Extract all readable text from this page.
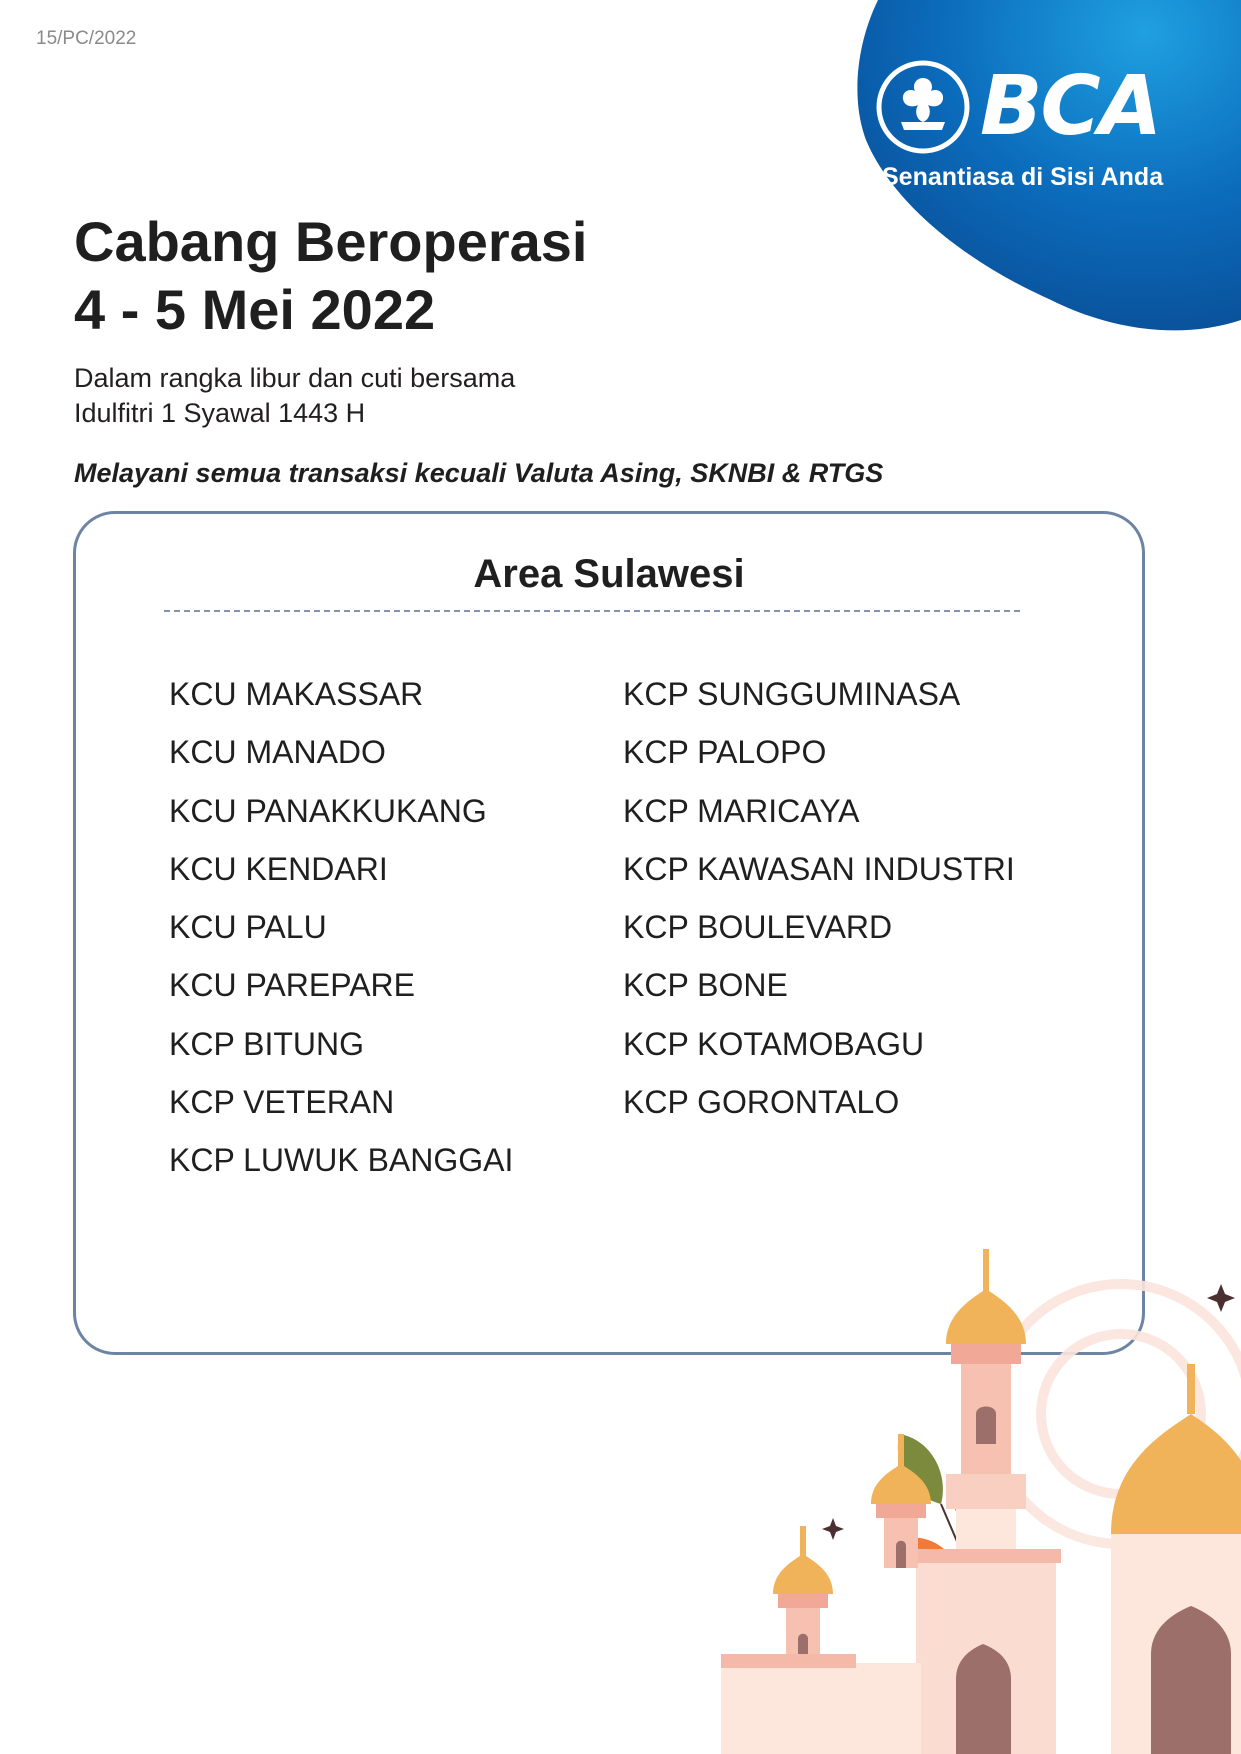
15/PC/2022
BCA
Senantiasa di Sisi Anda
Cabang Beroperasi
4 - 5 Mei 2022
Dalam rangka libur dan cuti bersama
Idulfitri 1 Syawal 1443 H
Melayani semua transaksi kecuali Valuta Asing, SKNBI & RTGS
Area Sulawesi
KCU MAKASSAR
KCU MANADO
KCU PANAKKUKANG
KCU KENDARI
KCU PALU
KCU PAREPARE
KCP BITUNG
KCP VETERAN
KCP LUWUK BANGGAI
KCP SUNGGUMINASA
KCP PALOPO
KCP MARICAYA
KCP KAWASAN INDUSTRI
KCP BOULEVARD
KCP BONE
KCP KOTAMOBAGU
KCP GORONTALO
